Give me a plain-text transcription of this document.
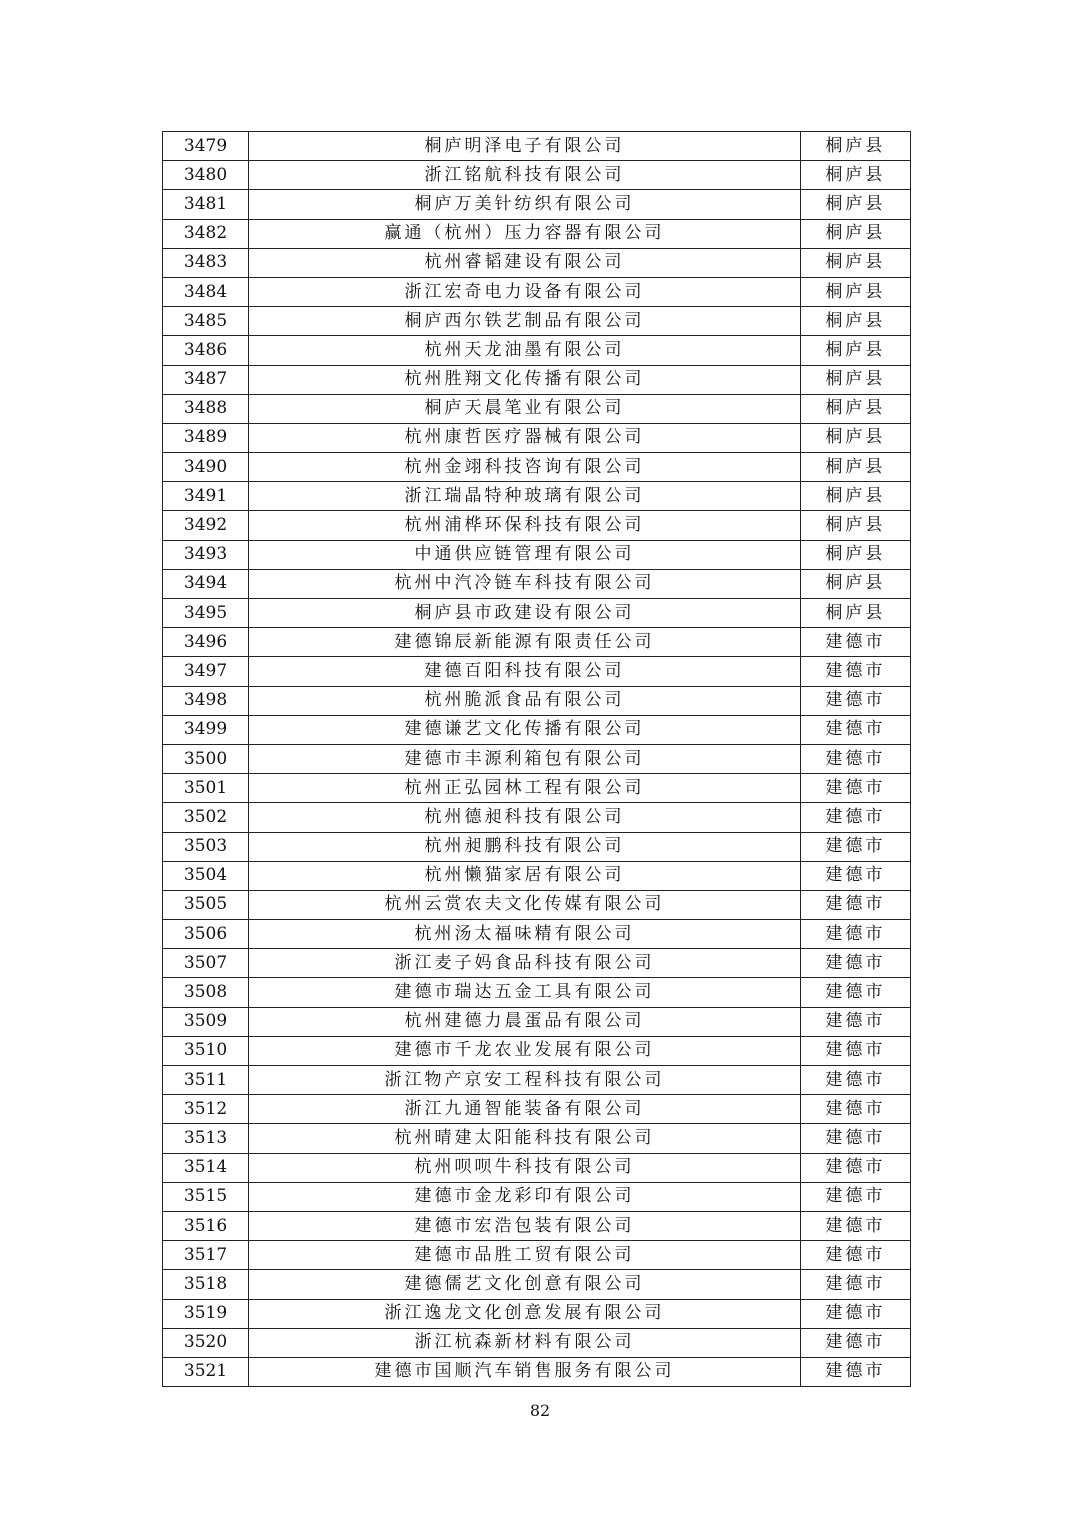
3479	桐庐明泽电子有限公司	桐庐县
3480	浙江铭航科技有限公司	桐庐县
3481	桐庐万美针纺织有限公司	桐庐县
3482	赢通（杭州）压力容器有限公司	桐庐县
3483	杭州睿韬建设有限公司	桐庐县
3484	浙江宏奇电力设备有限公司	桐庐县
3485	桐庐西尔铁艺制品有限公司	桐庐县
3486	杭州天龙油墨有限公司	桐庐县
3487	杭州胜翔文化传播有限公司	桐庐县
3488	桐庐天晨笔业有限公司	桐庐县
3489	杭州康哲医疗器械有限公司	桐庐县
3490	杭州金翊科技咨询有限公司	桐庐县
3491	浙江瑞晶特种玻璃有限公司	桐庐县
3492	杭州浦桦环保科技有限公司	桐庐县
3493	中通供应链管理有限公司	桐庐县
3494	杭州中汽冷链车科技有限公司	桐庐县
3495	桐庐县市政建设有限公司	桐庐县
3496	建德锦辰新能源有限责任公司	建德市
3497	建德百阳科技有限公司	建德市
3498	杭州脆派食品有限公司	建德市
3499	建德谦艺文化传播有限公司	建德市
3500	建德市丰源利箱包有限公司	建德市
3501	杭州正弘园林工程有限公司	建德市
3502	杭州德昶科技有限公司	建德市
3503	杭州昶鹏科技有限公司	建德市
3504	杭州懒猫家居有限公司	建德市
3505	杭州云赏农夫文化传媒有限公司	建德市
3506	杭州汤太福味精有限公司	建德市
3507	浙江麦子妈食品科技有限公司	建德市
3508	建德市瑞达五金工具有限公司	建德市
3509	杭州建德力晨蛋品有限公司	建德市
3510	建德市千龙农业发展有限公司	建德市
3511	浙江物产京安工程科技有限公司	建德市
3512	浙江九通智能装备有限公司	建德市
3513	杭州晴建太阳能科技有限公司	建德市
3514	杭州呗呗牛科技有限公司	建德市
3515	建德市金龙彩印有限公司	建德市
3516	建德市宏浩包装有限公司	建德市
3517	建德市品胜工贸有限公司	建德市
3518	建德儒艺文化创意有限公司	建德市
3519	浙江逸龙文化创意发展有限公司	建德市
3520	浙江杭森新材料有限公司	建德市
3521	建德市国顺汽车销售服务有限公司	建德市
82
